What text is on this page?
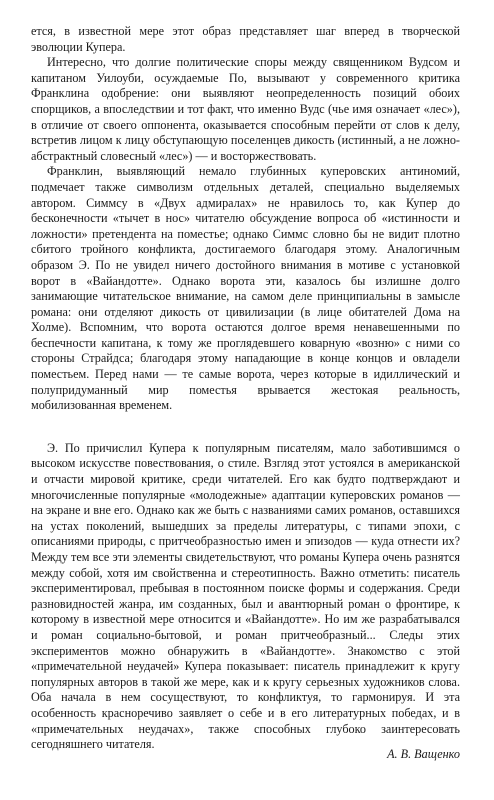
ется, в известной мере этот образ представляет шаг вперед в творческой эволюции Купера.

Интересно, что долгие политические споры между священником Вудсом и капитаном Уилоуби, осуждаемые По, вызывают у современного критика Франклина одобрение: они выявляют неопределенность позиций обоих спорщиков, а впоследствии и тот факт, что именно Вудс (чье имя означает «лес»), в отличие от своего оппонента, оказывается способным перейти от слов к делу, встретив лицом к лицу обступающую поселенцев дикость (истинный, а не ложно-абстрактный словесный «лес») — и восторжествовать.

Франклин, выявляющий немало глубинных куперовских антиномий, подмечает также символизм отдельных деталей, специально выделяемых автором. Симмсу в «Двух адмиралах» не нравилось то, как Купер до бесконечности «тычет в нос» читателю обсуждение вопроса об «истинности и ложности» претендента на поместье; однако Симмс словно бы не видит плотно сбитого тройного конфликта, достигаемого благодаря этому. Аналогичным образом Э. По не увидел ничего достойного внимания в мотиве с установкой ворот в «Вайандотте». Однако ворота эти, казалось бы излишне долго занимающие читательское внимание, на самом деле принципиальны в замысле романа: они отделяют дикость от цивилизации (в лице обитателей Дома на Холме). Вспомним, что ворота остаются долгое время ненавешенными по беспечности капитана, к тому же проглядевшего коварную «возню» с ними со стороны Страйдса; благодаря этому нападающие в конце концов и овладели поместьем. Перед нами — те самые ворота, через которые в идиллический и полупридуманный мир поместья врывается жестокая реальность, мобилизованная временем.

Э. По причислил Купера к популярным писателям, мало заботившимся о высоком искусстве повествования, о стиле. Взгляд этот устоялся в американской и отчасти мировой критике, среди читателей. Его как будто подтверждают и многочисленные популярные «молодежные» адаптации куперовских романов — на экране и вне его. Однако как же быть с названиями самих романов, оставшихся на устах поколений, вышедших за пределы литературы, с типами эпохи, с описаниями природы, с притчеобразностью имен и эпизодов — куда отнести их? Между тем все эти элементы свидетельствуют, что романы Купера очень разнятся между собой, хотя им свойственна и стереотипность. Важно отметить: писатель экспериментировал, пребывая в постоянном поиске формы и содержания. Среди разновидностей жанра, им созданных, был и авантюрный роман о фронтире, к которому в известной мере относится и «Вайандотте». Но им же разрабатывался и роман социально-бытовой, и роман притчеобразный... Следы этих экспериментов можно обнаружить в «Вайандотте». Знакомство с этой «примечательной неудачей» Купера показывает: писатель принадлежит к кругу популярных авторов в такой же мере, как и к кругу серьезных художников слова. Оба начала в нем сосуществуют, то конфликтуя, то гармонируя. И эта особенность красноречиво заявляет о себе и в его литературных победах, и в «примечательных неудачах», также способных глубоко заинтересовать сегодняшнего читателя.

А. В. Ващенко
